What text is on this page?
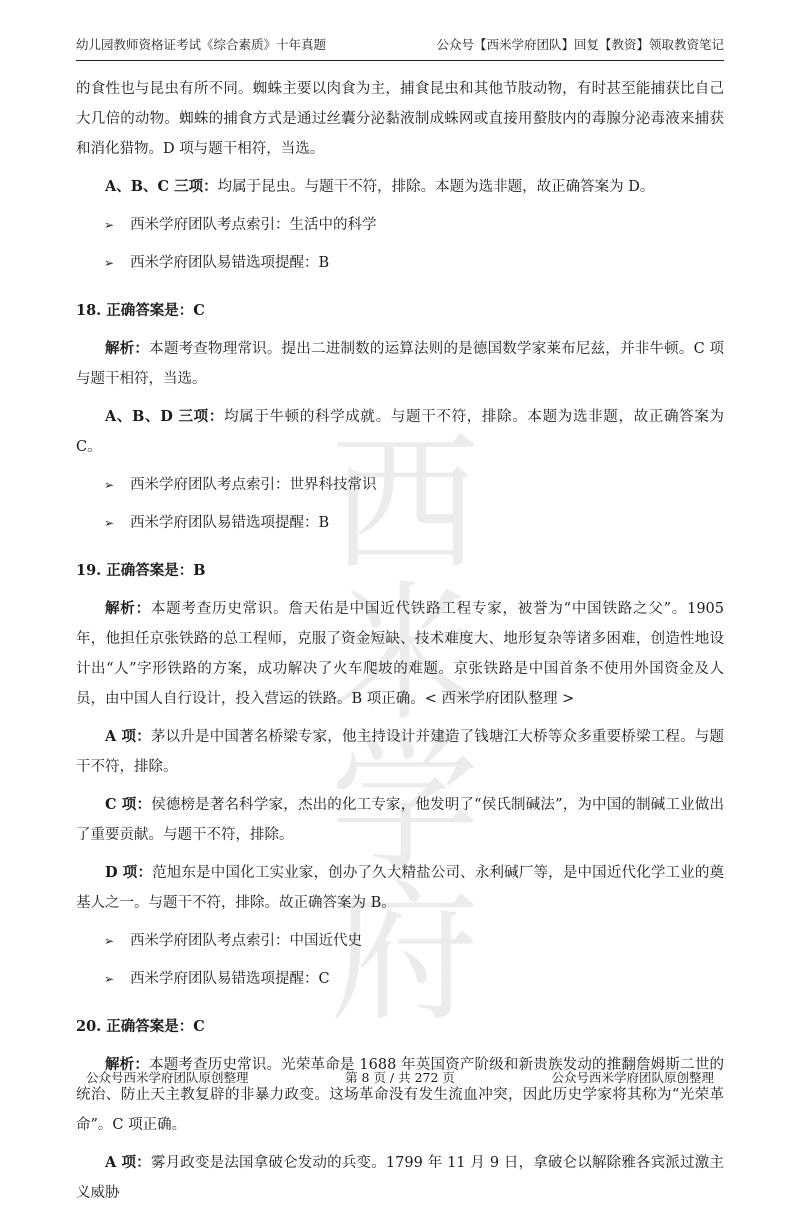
幼儿园教师资格证考试《综合素质》十年真题	公众号【西米学府团队】回复【教资】领取教资笔记
西米学府

的食性也与昆虫有所不同。蜘蛛主要以肉食为主，捕食昆虫和其他节肢动物，有时甚至能捕获比自己大几倍的动物。蜘蛛的捕食方式是通过丝囊分泌黏液制成蛛网或直接用螯肢内的毒腺分泌毒液来捕获和消化猎物。D 项与题干相符，当选。

A、B、C 三项：均属于昆虫。与题干不符，排除。本题为选非题，故正确答案为 D。

➢ 西米学府团队考点索引：生活中的科学

➢ 西米学府团队易错选项提醒：B

18. 正确答案是：C

解析：本题考查物理常识。提出二进制数的运算法则的是德国数学家莱布尼兹，并非牛顿。C 项与题干相符，当选。

A、B、D 三项：均属于牛顿的科学成就。与题干不符，排除。本题为选非题，故正确答案为 C。

➢ 西米学府团队考点索引：世界科技常识

➢ 西米学府团队易错选项提醒：B

19. 正确答案是：B

解析：本题考查历史常识。詹天佑是中国近代铁路工程专家，被誉为“中国铁路之父”。1905 年，他担任京张铁路的总工程师，克服了资金短缺、技术难度大、地形复杂等诸多困难，创造性地设计出“人”字形铁路的方案，成功解决了火车爬坡的难题。京张铁路是中国首条不使用外国资金及人员，由中国人自行设计，投入营运的铁路。B 项正确。< 西米学府团队整理 >

A 项：茅以升是中国著名桥梁专家，他主持设计并建造了钱塘江大桥等众多重要桥梁工程。与题干不符，排除。

C 项：侯德榜是著名科学家，杰出的化工专家，他发明了“侯氏制碱法”，为中国的制碱工业做出了重要贡献。与题干不符，排除。

D 项：范旭东是中国化工实业家，创办了久大精盐公司、永利碱厂等，是中国近代化学工业的奠基人之一。与题干不符，排除。故正确答案为 B。

➢ 西米学府团队考点索引：中国近代史

➢ 西米学府团队易错选项提醒：C

20. 正确答案是：C

解析：本题考查历史常识。光荣革命是 1688 年英国资产阶级和新贵族发动的推翻詹姆斯二世的统治、防止天主教复辟的非暴力政变。这场革命没有发生流血冲突，因此历史学家将其称为“光荣革命”。C 项正确。

A 项：雾月政变是法国拿破仑发动的兵变。1799 年 11 月 9 日，拿破仑以解除雅各宾派过激主义威胁

公众号西米学府团队原创整理	第 8 页 / 共 272 页	公众号西米学府团队原创整理
